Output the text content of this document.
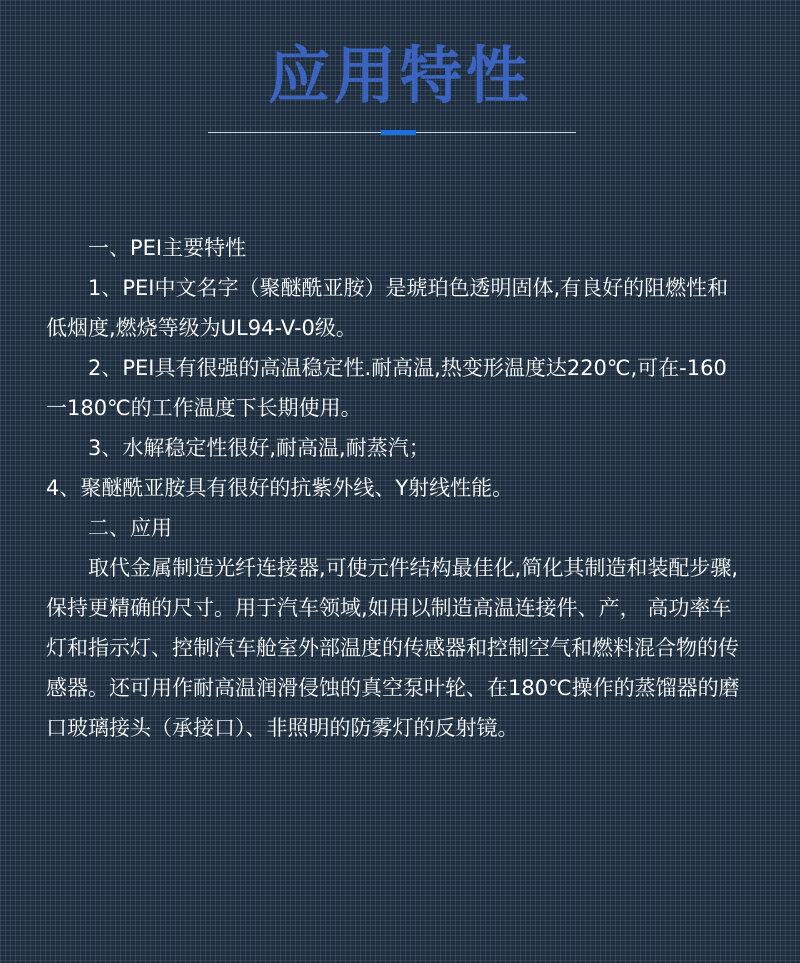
应用特性

一、PEI主要特性

1、PEI中文名字（聚醚酰亚胺）是琥珀色透明固体,有良好的阻燃性和低烟度,燃烧等级为UL94-V-0级。

2、PEI具有很强的高温稳定性.耐高温,热变形温度达220℃,可在-160一180℃的工作温度下长期使用。

3、水解稳定性很好,耐高温,耐蒸汽；

4、聚醚酰亚胺具有很好的抗紫外线、Y射线性能。

二、应用

取代金属制造光纤连接器,可使元件结构最佳化,简化其制造和装配步骤,保持更精确的尺寸。用于汽车领域,如用以制造高温连接件、产， 高功率车灯和指示灯、控制汽车舱室外部温度的传感器和控制空气和燃料混合物的传感器。还可用作耐高温润滑侵蚀的真空泵叶轮、在180℃操作的蒸馏器的磨口玻璃接头（承接口）、非照明的防雾灯的反射镜。
